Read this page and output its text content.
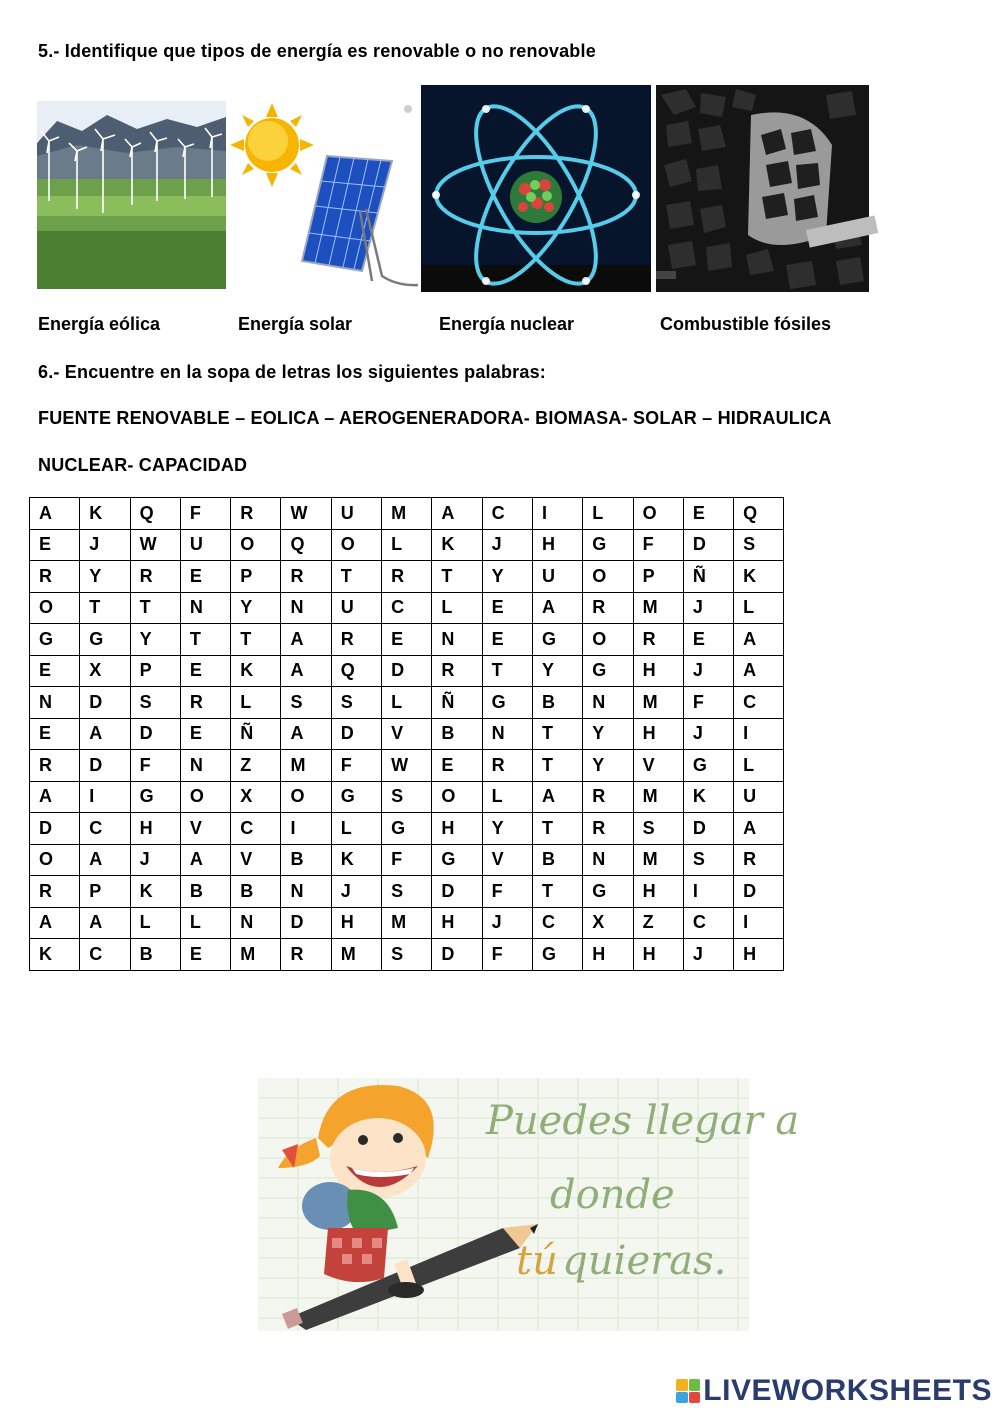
5.- Identifique que tipos de energía es renovable o no renovable
Energía eólica	Energía solar	Energía nuclear	Combustible fósiles
6.- Encuentre en la sopa de letras los siguientes palabras:
FUENTE RENOVABLE – EOLICA – AEROGENERADORA- BIOMASA- SOLAR – HIDRAULICA
NUCLEAR- CAPACIDAD
A	K	Q	F	R	W	U	M	A	C	I	L	O	E	Q
E	J	W	U	O	Q	O	L	K	J	H	G	F	D	S
R	Y	R	E	P	R	T	R	T	Y	U	O	P	Ñ	K
O	T	T	N	Y	N	U	C	L	E	A	R	M	J	L
G	G	Y	T	T	A	R	E	N	E	G	O	R	E	A
E	X	P	E	K	A	Q	D	R	T	Y	G	H	J	A
N	D	S	R	L	S	S	L	Ñ	G	B	N	M	F	C
E	A	D	E	Ñ	A	D	V	B	N	T	Y	H	J	I
R	D	F	N	Z	M	F	W	E	R	T	Y	V	G	L
A	I	G	O	X	O	G	S	O	L	A	R	M	K	U
D	C	H	V	C	I	L	G	H	Y	T	R	S	D	A
O	A	J	A	V	B	K	F	G	V	B	N	M	S	R
R	P	K	B	B	N	J	S	D	F	T	G	H	I	D
A	A	L	L	N	D	H	M	H	J	C	X	Z	C	I
K	C	B	E	M	R	M	S	D	F	G	H	H	J	H
Puedes llegar a
donde
tú quieras.
LIVEWORKSHEETS
